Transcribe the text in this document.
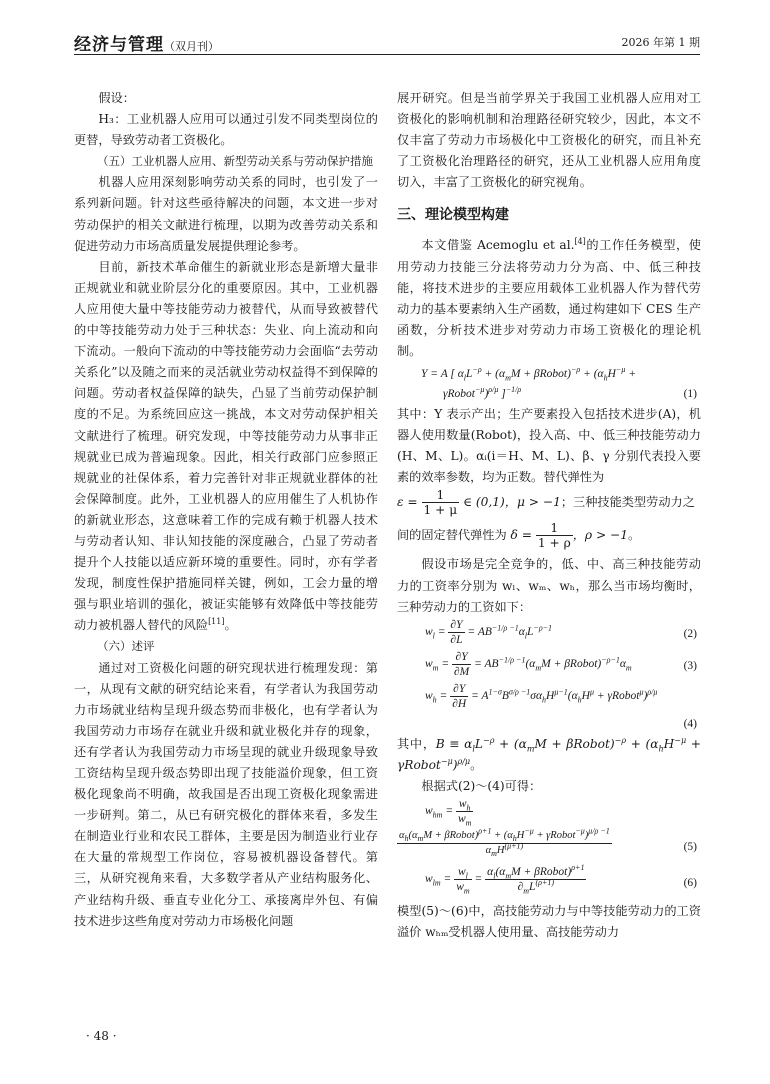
经济与管理（双月刊）	2026 年第 1 期

假设：

H₃：工业机器人应用可以通过引发不同类型岗位的更替，导致劳动者工资极化。

（五）工业机器人应用、新型劳动关系与劳动保护措施

机器人应用深刻影响劳动关系的同时，也引发了一系列新问题。针对这些亟待解决的问题，本文进一步对劳动保护的相关文献进行梳理，以期为改善劳动关系和促进劳动力市场高质量发展提供理论参考。

目前，新技术革命催生的新就业形态是新增大量非正规就业和就业阶层分化的重要原因。其中，工业机器人应用使大量中等技能劳动力被替代，从而导致被替代的中等技能劳动力处于三种状态：失业、向上流动和向下流动。一般向下流动的中等技能劳动力会面临“去劳动关系化”以及随之而来的灵活就业劳动权益得不到保障的问题。劳动者权益保障的缺失，凸显了当前劳动保护制度的不足。为系统回应这一挑战，本文对劳动保护相关文献进行了梳理。研究发现，中等技能劳动力从事非正规就业已成为普遍现象。因此，相关行政部门应参照正规就业的社保体系，着力完善针对非正规就业群体的社会保障制度。此外，工业机器人的应用催生了人机协作的新就业形态，这意味着工作的完成有赖于机器人技术与劳动者认知、非认知技能的深度融合，凸显了劳动者提升个人技能以适应新环境的重要性。同时，亦有学者发现，制度性保护措施同样关键，例如，工会力量的增强与职业培训的强化，被证实能够有效降低中等技能劳动力被机器人替代的风险[11]。

（六）述评

通过对工资极化问题的研究现状进行梳理发现：第一，从现有文献的研究结论来看，有学者认为我国劳动力市场就业结构呈现升级态势而非极化，也有学者认为我国劳动力市场存在就业升级和就业极化并存的现象，还有学者认为我国劳动力市场呈现的就业升级现象导致工资结构呈现升级态势即出现了技能溢价现象，但工资极化现象尚不明确，故我国是否出现工资极化现象需进一步研判。第二，从已有研究极化的群体来看，多发生在制造业行业和农民工群体，主要是因为制造业行业存在大量的常规型工作岗位，容易被机器设备替代。第三，从研究视角来看，大多数学者从产业结构服务化、产业结构升级、垂直专业化分工、承接离岸外包、有偏技术进步这些角度对劳动力市场极化问题

展开研究。但是当前学界关于我国工业机器人应用对工资极化的影响机制和治理路径研究较少，因此，本文不仅丰富了劳动力市场极化中工资极化的研究，而且补充了工资极化治理路径的研究，还从工业机器人应用角度切入，丰富了工资极化的研究视角。

三、理论模型构建

本文借鉴 Acemoglu et al.[4]的工作任务模型，使用劳动力技能三分法将劳动力分为高、中、低三种技能，将技术进步的主要应用载体工业机器人作为替代劳动力的基本要素纳入生产函数，通过构建如下 CES 生产函数，分析技术进步对劳动力市场工资极化的理论机制。

Y = A [ $\alpha_lL^{-\rho} + (\alpha_mM$ + βRobot)$^{-\rho}$ + ($\alpha_hH^{-\mu}$ +
γRobot$^{-\mu}$)$^{\rho/\mu}$ ]$^{-1/\rho}$	(1)

其中：Y 表示产出；生产要素投入包括技术进步(A)，机器人使用数量(Robot)，投入高、中、低三种技能劳动力(H、M、L)。αᵢ(i＝H、M、L)、β、γ 分别代表投入要素的效率参数，均为正数。替代弹性为
$\varepsilon = \frac{1}{1 + \mu}$ ∈ (0,1)，μ > −1；三种技能类型劳动力之

间的固定替代弹性为 $\delta = \frac{1}{1 + \rho}$ ，ρ > −1。

假设市场是完全竞争的，低、中、高三种技能劳动力的工资率分别为 wₗ、wₘ、wₕ，那么当市场均衡时，三种劳动力的工资如下：

$w_l = \frac{\partial Y}{\partial L} = AB^{-1/\rho -1}\alpha_lL^{-\rho-1}$
(2)
$w_m = \frac{\partial Y}{\partial M} = AB^{-1/\rho -1}(\alpha_mM$ + $\beta Robot)^{-\rho-1}\alpha_m$	(3)
$w_h = \frac{\partial Y}{\partial H} = A^{1-\sigma}B^{\sigma/\rho -1}\sigma\alpha_hH^{\mu-1}(\alpha_hH^\mu$ + γRobot$^\mu$)$^{\rho/\mu}$
(4)

其中，$B \equiv \alpha_lL^{-\rho} + (\alpha_mM$ + βRobot)$^{-\rho}$ + ($\alpha_hH^{-\mu}$ + γRobot$^{-\mu}$)$^{\rho/\mu}$。

根据式(2)～(4)可得：

$w_{hm} = \frac{w_h}{w_m}$
$\frac{\alpha_h(\alpha_mM + \beta Robot)^{\rho+1} + (\alpha_hH^{-\mu} + \gamma Robot^{-\mu})^{\mu/\rho -1}}{\alpha_mH^{(\mu+1)}}$	(5)
$w_{lm} = \frac{w_l}{w_m} = \frac{\alpha_l(\alpha_mM + \beta Robot)^{\rho+1}}{\partial_mL^{(\rho+1)}}$	(6)

模型(5)～(6)中，高技能劳动力与中等技能劳动力的工资溢价 wₕₘ受机器人使用量、高技能劳动力

· 48 ·
